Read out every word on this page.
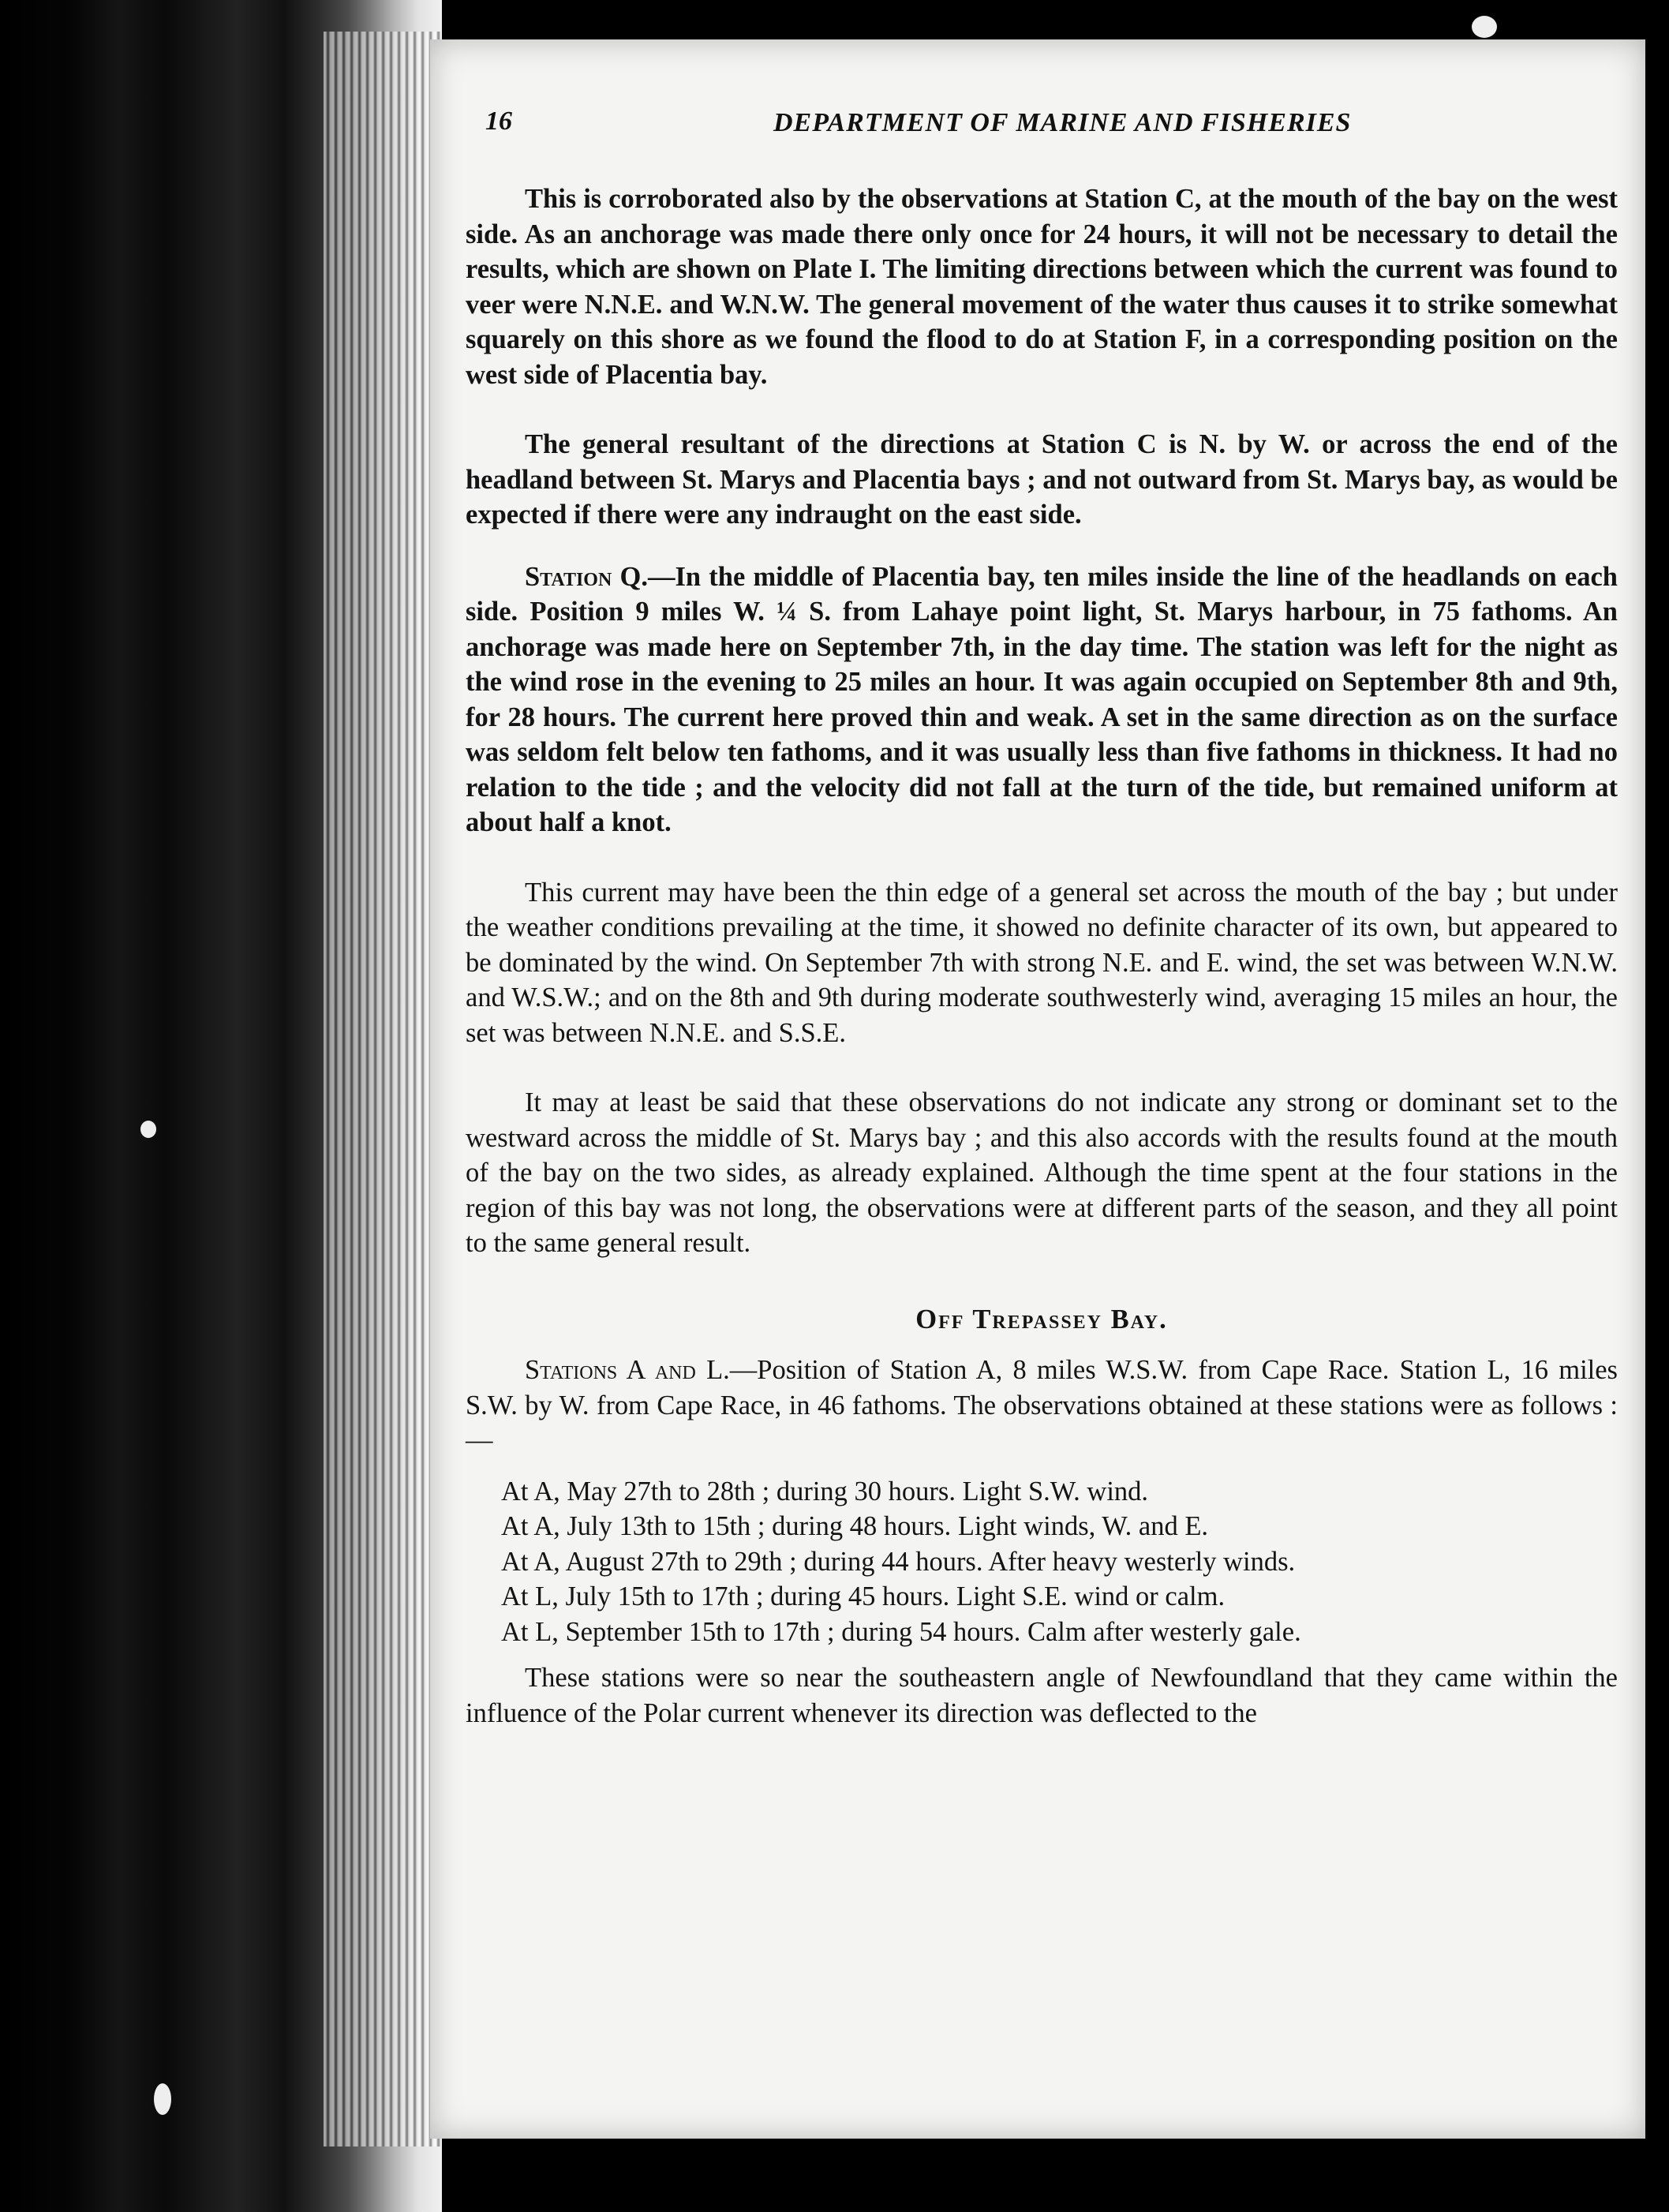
16	DEPARTMENT OF MARINE AND FISHERIES

This is corroborated also by the observations at Station C, at the mouth of the bay on the west side. As an anchorage was made there only once for 24 hours, it will not be necessary to detail the results, which are shown on Plate I. The limiting directions between which the current was found to veer were N.N.E. and W.N.W. The general movement of the water thus causes it to strike somewhat squarely on this shore as we found the flood to do at Station F, in a corresponding position on the west side of Placentia bay.

The general resultant of the directions at Station C is N. by W. or across the end of the headland between St. Marys and Placentia bays ; and not outward from St. Marys bay, as would be expected if there were any indraught on the east side.

Station Q.—In the middle of Placentia bay, ten miles inside the line of the headlands on each side. Position 9 miles W. ¼ S. from Lahaye point light, St. Marys harbour, in 75 fathoms. An anchorage was made here on September 7th, in the day time. The station was left for the night as the wind rose in the evening to 25 miles an hour. It was again occupied on September 8th and 9th, for 28 hours. The current here proved thin and weak. A set in the same direction as on the surface was seldom felt below ten fathoms, and it was usually less than five fathoms in thickness. It had no relation to the tide ; and the velocity did not fall at the turn of the tide, but remained uniform at about half a knot.

This current may have been the thin edge of a general set across the mouth of the bay ; but under the weather conditions prevailing at the time, it showed no definite character of its own, but appeared to be dominated by the wind. On September 7th with strong N.E. and E. wind, the set was between W.N.W. and W.S.W.; and on the 8th and 9th during moderate southwesterly wind, averaging 15 miles an hour, the set was between N.N.E. and S.S.E.

It may at least be said that these observations do not indicate any strong or dominant set to the westward across the middle of St. Marys bay ; and this also accords with the results found at the mouth of the bay on the two sides, as already explained. Although the time spent at the four stations in the region of this bay was not long, the observations were at different parts of the season, and they all point to the same general result.

Off Trepassey Bay.

Stations A and L.—Position of Station A, 8 miles W.S.W. from Cape Race. Station L, 16 miles S.W. by W. from Cape Race, in 46 fathoms. The observations obtained at these stations were as follows :—

At A, May 27th to 28th ; during 30 hours. Light S.W. wind.
At A, July 13th to 15th ; during 48 hours. Light winds, W. and E.
At A, August 27th to 29th ; during 44 hours. After heavy westerly winds.
At L, July 15th to 17th ; during 45 hours. Light S.E. wind or calm.
At L, September 15th to 17th ; during 54 hours. Calm after westerly gale.

These stations were so near the southeastern angle of Newfoundland that they came within the influence of the Polar current whenever its direction was deflected to the
